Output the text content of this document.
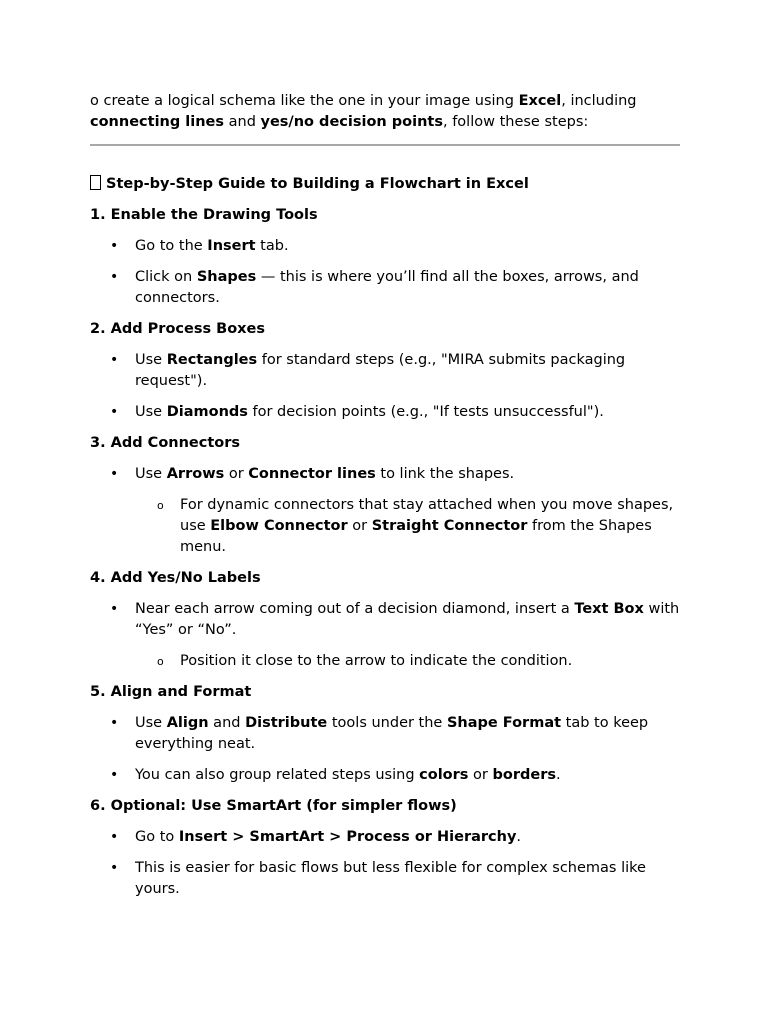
o create a logical schema like the one in your image using Excel, including connecting lines and yes/no decision points, follow these steps:

Step-by-Step Guide to Building a Flowchart in Excel

1. Enable the Drawing Tools

• Go to the Insert tab.
• Click on Shapes — this is where you’ll find all the boxes, arrows, and connectors.

2. Add Process Boxes

• Use Rectangles for standard steps (e.g., "MIRA submits packaging request").
• Use Diamonds for decision points (e.g., "If tests unsuccessful").

3. Add Connectors

• Use Arrows or Connector lines to link the shapes.
o For dynamic connectors that stay attached when you move shapes, use Elbow Connector or Straight Connector from the Shapes menu.

4. Add Yes/No Labels

• Near each arrow coming out of a decision diamond, insert a Text Box with “Yes” or “No”.
o Position it close to the arrow to indicate the condition.

5. Align and Format

• Use Align and Distribute tools under the Shape Format tab to keep everything neat.
• You can also group related steps using colors or borders.

6. Optional: Use SmartArt (for simpler flows)

• Go to Insert > SmartArt > Process or Hierarchy.
• This is easier for basic flows but less flexible for complex schemas like yours.
